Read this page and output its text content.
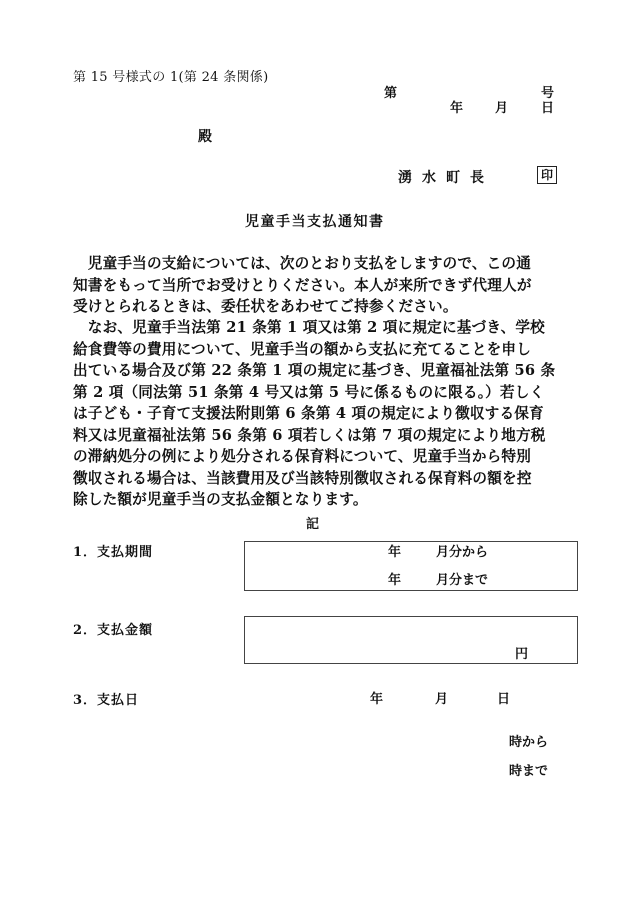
第 15 号様式の 1(第 24 条関係)
第	号
年 月	日
殿
湧水町長	印
児童手当支払通知書
　児童手当の支給については、次のとおり支払をしますので、この通
知書をもって当所でお受けとりください。本人が来所できず代理人が
受けとられるときは、委任状をあわせてご持参ください。
　なお、児童手当法第 21 条第 1 項又は第 2 項に規定に基づき、学校
給食費等の費用について、児童手当の額から支払に充てることを申し
出ている場合及び第 22 条第 1 項の規定に基づき、児童福祉法第 56 条
第 2 項（同法第 51 条第 4 号又は第 5 号に係るものに限る。）若しく
は子ども・子育て支援法附則第 6 条第 4 項の規定により徴収する保育
料又は児童福祉法第 56 条第 6 項若しくは第 7 項の規定により地方税
の滞納処分の例により処分される保育料について、児童手当から特別
徴収される場合は、当該費用及び当該特別徴収される保育料の額を控
除した額が児童手当の支払金額となります。
記
1．支払期間	年	月分から
年	月分まで
2．支払金額
円
3．支払日	年	月	日
時から
時まで
